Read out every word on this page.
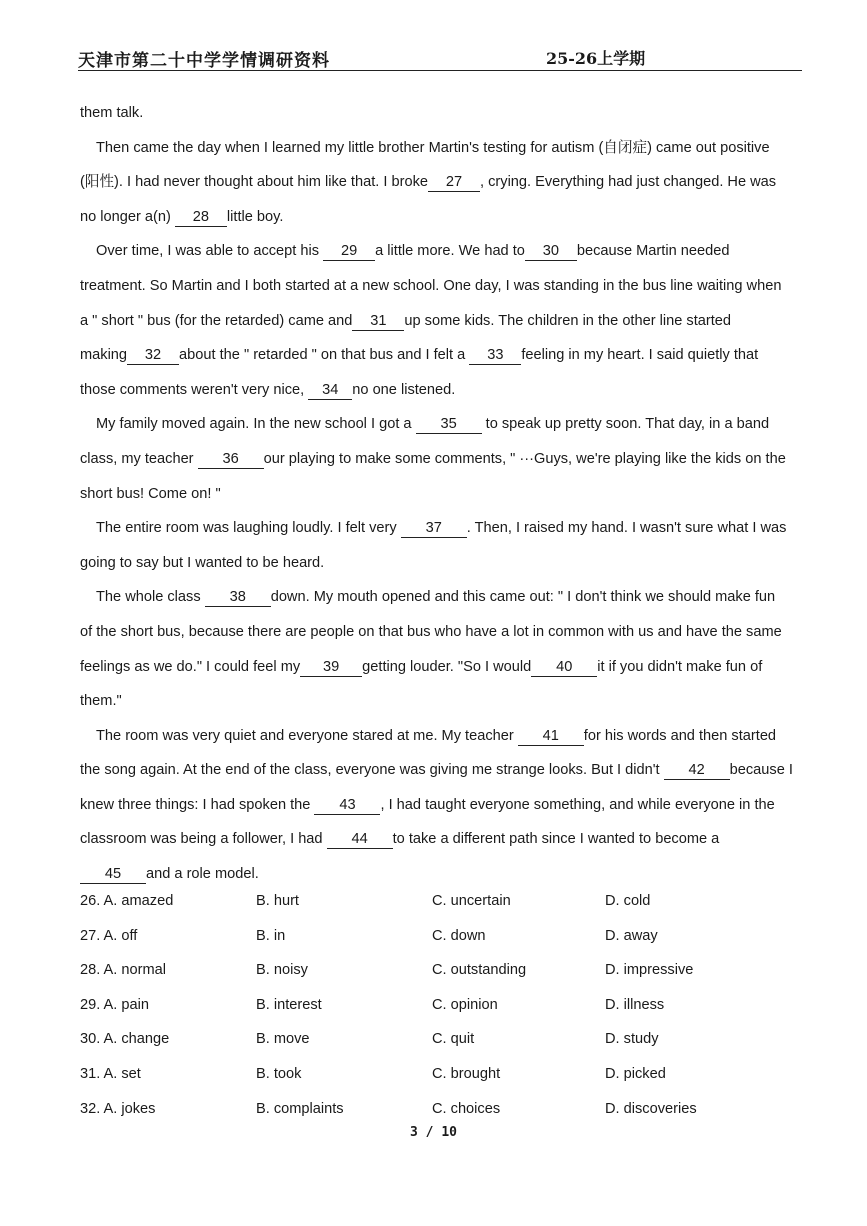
天津市第二十中学学情调研资料	25-26上学期
them talk.
Then came the day when I learned my little brother Martin's testing for autism (自闭症) came out positive
(阳性). I had never thought about him like that. I broke 27 , crying. Everything had just changed. He was
no longer a(n) 28 little boy.
Over time, I was able to accept his 29 a little more. We had to 30 because Martin needed
treatment. So Martin and I both started at a new school. One day, I was standing in the bus line waiting when
a " short " bus (for the retarded) came and 31 up some kids. The children in the other line started
making 32 about the " retarded " on that bus and I felt a 33 feeling in my heart. I said quietly that
those comments weren't very nice, 34 no one listened.
My family moved again. In the new school I got a 35 to speak up pretty soon. That day, in a band
class, my teacher 36 our playing to make some comments, " ···Guys, we're playing like the kids on the
short bus! Come on! "
The entire room was laughing loudly. I felt very 37 . Then, I raised my hand. I wasn't sure what I was
going to say but I wanted to be heard.
The whole class 38 down. My mouth opened and this came out: " I don't think we should make fun
of the short bus, because there are people on that bus who have a lot in common with us and have the same
feelings as we do." I could feel my 39 getting louder. "So I would 40 it if you didn't make fun of
them."
The room was very quiet and everyone stared at me. My teacher 41 for his words and then started
the song again. At the end of the class, everyone was giving me strange looks. But I didn't 42 because I
knew three things: I had spoken the 43 , I had taught everyone something, and while everyone in the
classroom was being a follower, I had 44 to take a different path since I wanted to become a
45 and a role model.
26. A. amazed	B. hurt	C. uncertain	D. cold
27. A. off	B. in	C. down	D. away
28. A. normal	B. noisy	C. outstanding	D. impressive
29. A. pain	B. interest	C. opinion	D. illness
30. A. change	B. move	C. quit	D. study
31. A. set	B. took	C. brought	D. picked
32. A. jokes	B. complaints	C. choices	D. discoveries
3 / 10
